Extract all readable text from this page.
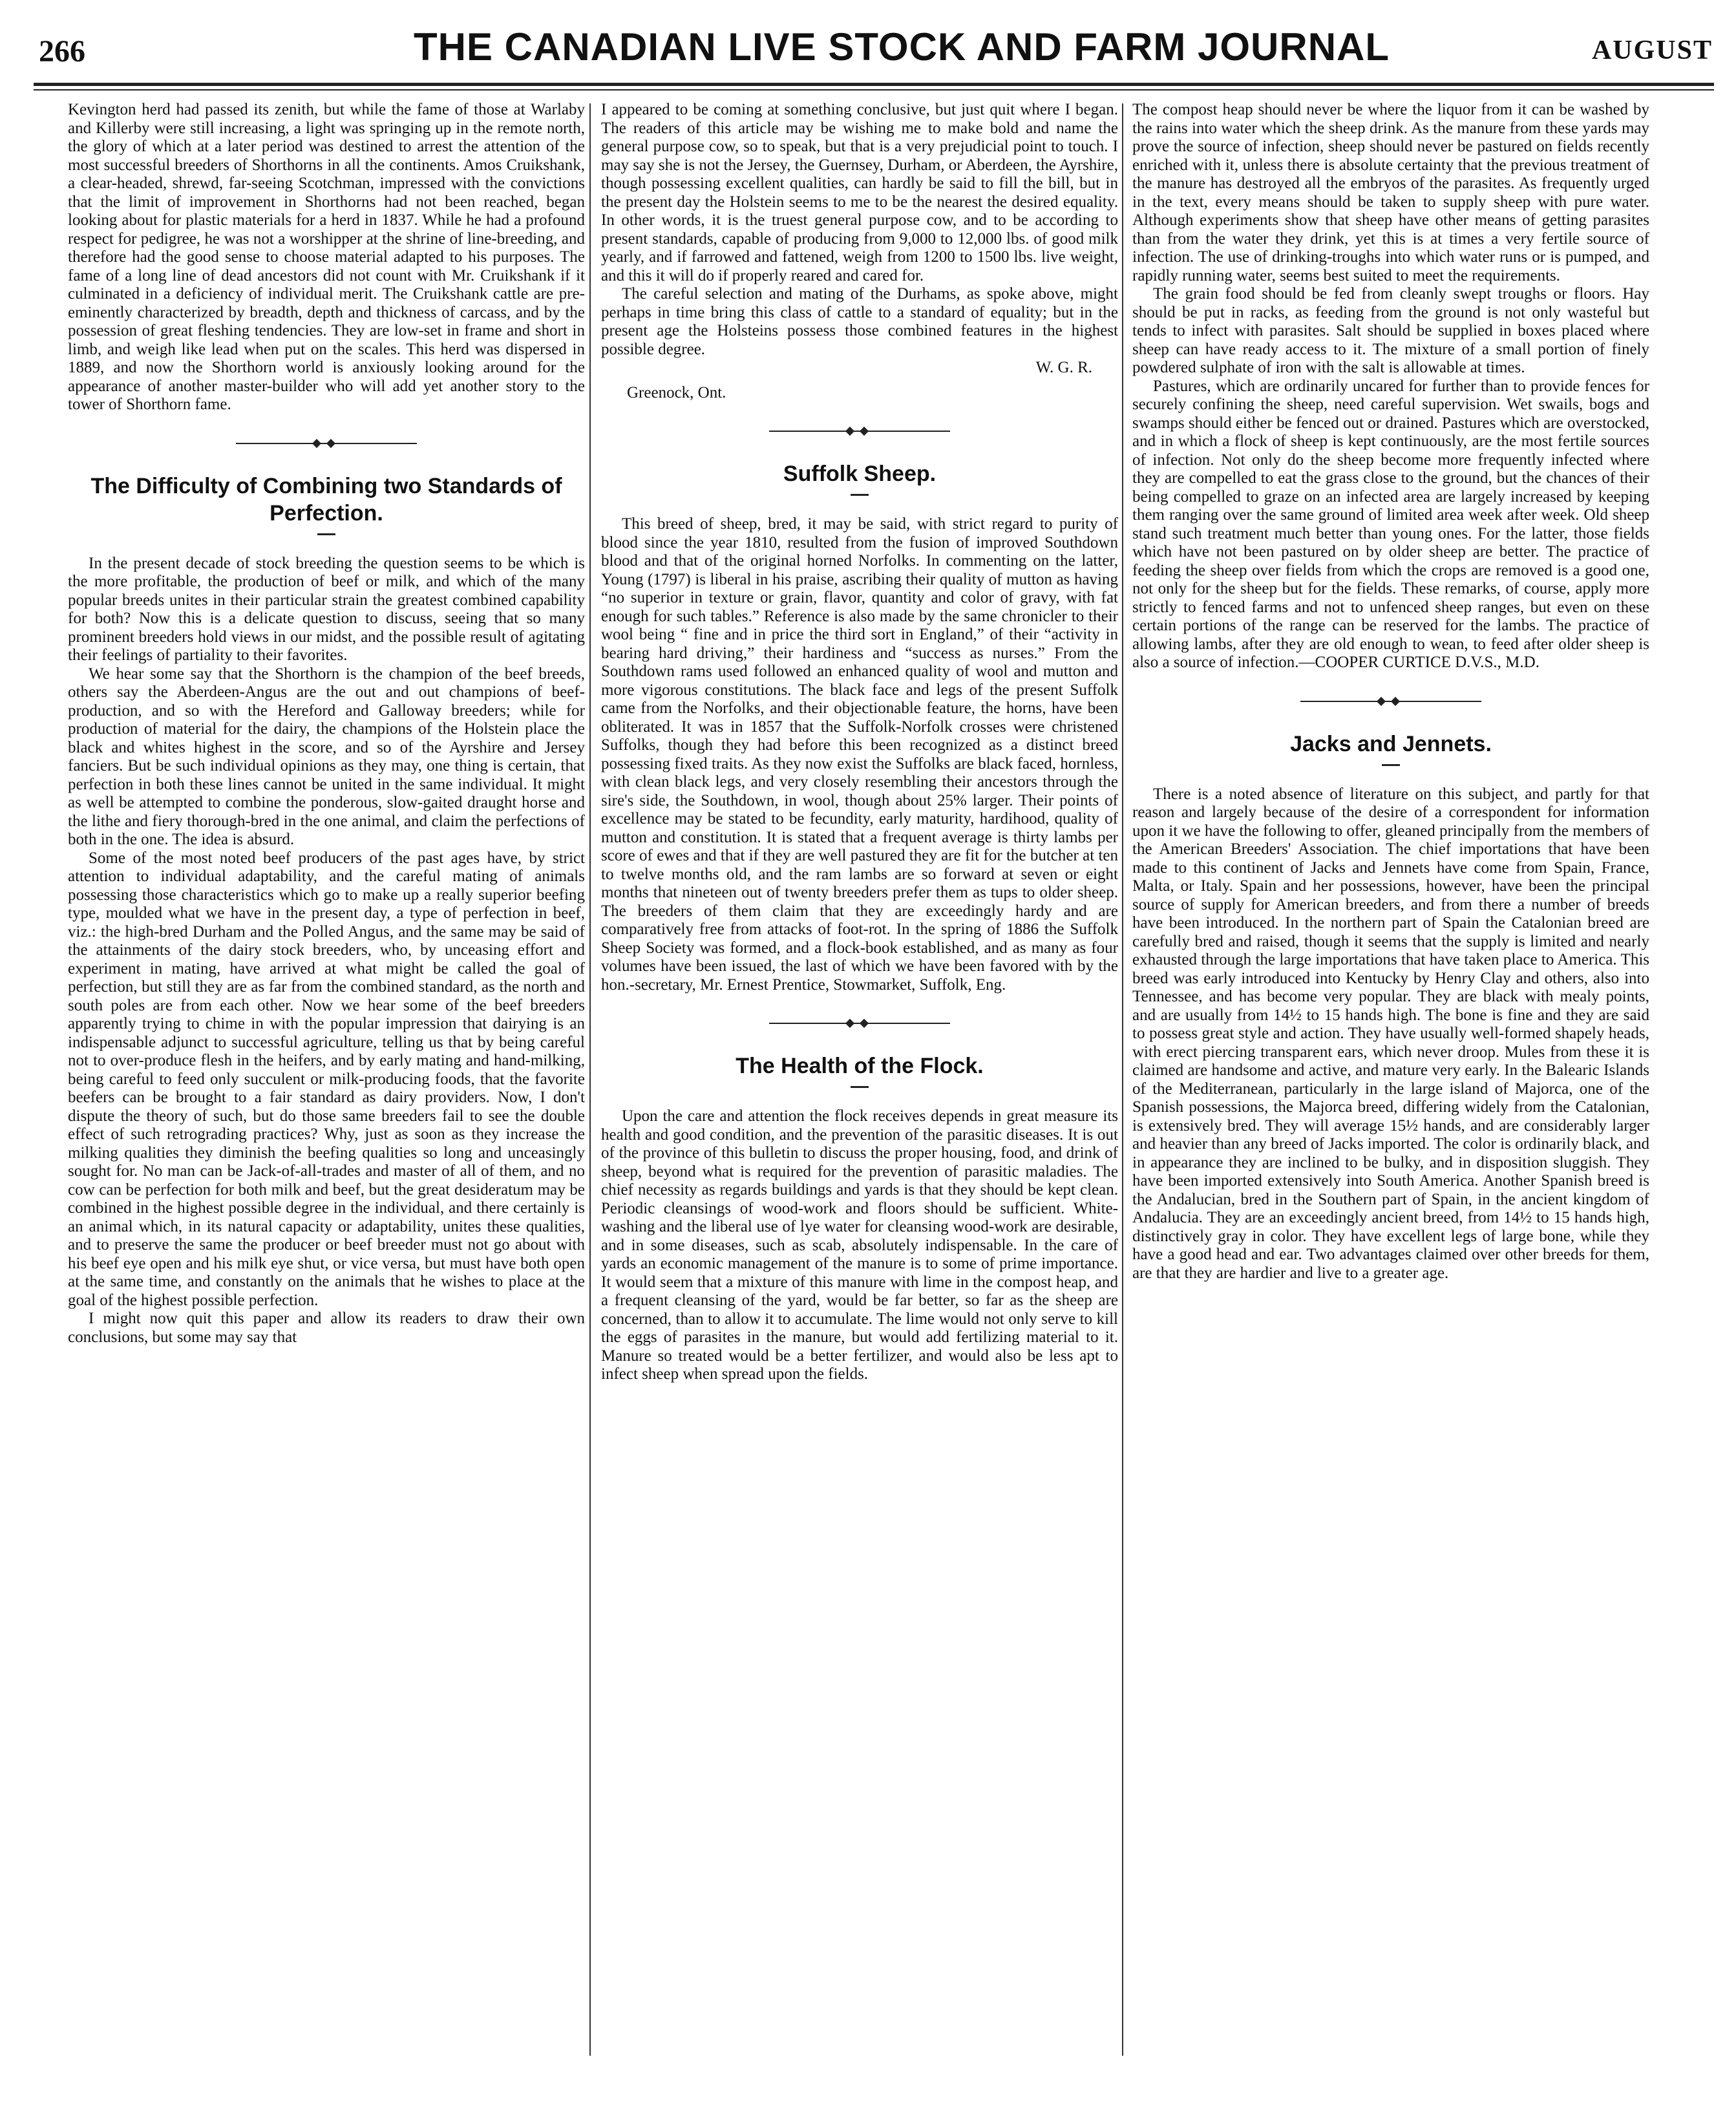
266	THE CANADIAN LIVE STOCK AND FARM JOURNAL	AUGUST

Kevington herd had passed its zenith, but while the fame of those at Warlaby and Killerby were still increasing, a light was springing up in the remote north, the glory of which at a later period was destined to arrest the attention of the most successful breeders of Shorthorns in all the continents. Amos Cruikshank, a clear-headed, shrewd, far-seeing Scotchman, impressed with the convictions that the limit of improvement in Shorthorns had not been reached, began looking about for plastic materials for a herd in 1837. While he had a profound respect for pedigree, he was not a worshipper at the shrine of line-breeding, and therefore had the good sense to choose material adapted to his purposes. The fame of a long line of dead ancestors did not count with Mr. Cruikshank if it culminated in a deficiency of individual merit. The Cruikshank cattle are pre-eminently characterized by breadth, depth and thickness of carcass, and by the possession of great fleshing tendencies. They are low-set in frame and short in limb, and weigh like lead when put on the scales. This herd was dispersed in 1889, and now the Shorthorn world is anxiously looking around for the appearance of another master-builder who will add yet another story to the tower of Shorthorn fame.

The Difficulty of Combining two Standards of Perfection.

In the present decade of stock breeding the question seems to be which is the more profitable, the production of beef or milk, and which of the many popular breeds unites in their particular strain the greatest combined capability for both? Now this is a delicate question to discuss, seeing that so many prominent breeders hold views in our midst, and the possible result of agitating their feelings of partiality to their favorites.

We hear some say that the Shorthorn is the champion of the beef breeds, others say the Aberdeen-Angus are the out and out champions of beef-production, and so with the Hereford and Galloway breeders; while for production of material for the dairy, the champions of the Holstein place the black and whites highest in the score, and so of the Ayrshire and Jersey fanciers. But be such individual opinions as they may, one thing is certain, that perfection in both these lines cannot be united in the same individual. It might as well be attempted to combine the ponderous, slow-gaited draught horse and the lithe and fiery thorough-bred in the one animal, and claim the perfections of both in the one. The idea is absurd.

Some of the most noted beef producers of the past ages have, by strict attention to individual adaptability, and the careful mating of animals possessing those characteristics which go to make up a really superior beefing type, moulded what we have in the present day, a type of perfection in beef, viz.: the high-bred Durham and the Polled Angus, and the same may be said of the attainments of the dairy stock breeders, who, by unceasing effort and experiment in mating, have arrived at what might be called the goal of perfection, but still they are as far from the combined standard, as the north and south poles are from each other. Now we hear some of the beef breeders apparently trying to chime in with the popular impression that dairying is an indispensable adjunct to successful agriculture, telling us that by being careful not to over-produce flesh in the heifers, and by early mating and hand-milking, being careful to feed only succulent or milk-producing foods, that the favorite beefers can be brought to a fair standard as dairy providers. Now, I don't dispute the theory of such, but do those same breeders fail to see the double effect of such retrograding practices? Why, just as soon as they increase the milking qualities they diminish the beefing qualities so long and unceasingly sought for. No man can be Jack-of-all-trades and master of all of them, and no cow can be perfection for both milk and beef, but the great desideratum may be combined in the highest possible degree in the individual, and there certainly is an animal which, in its natural capacity or adaptability, unites these qualities, and to preserve the same the producer or beef breeder must not go about with his beef eye open and his milk eye shut, or vice versa, but must have both open at the same time, and constantly on the animals that he wishes to place at the goal of the highest possible perfection.

I might now quit this paper and allow its readers to draw their own conclusions, but some may say that

I appeared to be coming at something conclusive, but just quit where I began. The readers of this article may be wishing me to make bold and name the general purpose cow, so to speak, but that is a very prejudicial point to touch. I may say she is not the Jersey, the Guernsey, Durham, or Aberdeen, the Ayrshire, though possessing excellent qualities, can hardly be said to fill the bill, but in the present day the Holstein seems to me to be the nearest the desired equality. In other words, it is the truest general purpose cow, and to be according to present standards, capable of producing from 9,000 to 12,000 lbs. of good milk yearly, and if farrowed and fattened, weigh from 1200 to 1500 lbs. live weight, and this it will do if properly reared and cared for.

The careful selection and mating of the Durhams, as spoke above, might perhaps in time bring this class of cattle to a standard of equality; but in the present age the Holsteins possess those combined features in the highest possible degree.

W. G. R.

Greenock, Ont.

Suffolk Sheep.

This breed of sheep, bred, it may be said, with strict regard to purity of blood since the year 1810, resulted from the fusion of improved Southdown blood and that of the original horned Norfolks. In commenting on the latter, Young (1797) is liberal in his praise, ascribing their quality of mutton as having “no superior in texture or grain, flavor, quantity and color of gravy, with fat enough for such tables.” Reference is also made by the same chronicler to their wool being “ fine and in price the third sort in England,” of their “activity in bearing hard driving,” their hardiness and “success as nurses.” From the Southdown rams used followed an enhanced quality of wool and mutton and more vigorous constitutions. The black face and legs of the present Suffolk came from the Norfolks, and their objectionable feature, the horns, have been obliterated. It was in 1857 that the Suffolk-Norfolk crosses were christened Suffolks, though they had before this been recognized as a distinct breed possessing fixed traits. As they now exist the Suffolks are black faced, hornless, with clean black legs, and very closely resembling their ancestors through the sire's side, the Southdown, in wool, though about 25% larger. Their points of excellence may be stated to be fecundity, early maturity, hardihood, quality of mutton and constitution. It is stated that a frequent average is thirty lambs per score of ewes and that if they are well pastured they are fit for the butcher at ten to twelve months old, and the ram lambs are so forward at seven or eight months that nineteen out of twenty breeders prefer them as tups to older sheep. The breeders of them claim that they are exceedingly hardy and are comparatively free from attacks of foot-rot. In the spring of 1886 the Suffolk Sheep Society was formed, and a flock-book established, and as many as four volumes have been issued, the last of which we have been favored with by the hon.-secretary, Mr. Ernest Prentice, Stowmarket, Suffolk, Eng.

The Health of the Flock.

Upon the care and attention the flock receives depends in great measure its health and good condition, and the prevention of the parasitic diseases. It is out of the province of this bulletin to discuss the proper housing, food, and drink of sheep, beyond what is required for the prevention of parasitic maladies. The chief necessity as regards buildings and yards is that they should be kept clean. Periodic cleansings of wood-work and floors should be sufficient. White-washing and the liberal use of lye water for cleansing wood-work are desirable, and in some diseases, such as scab, absolutely indispensable. In the care of yards an economic management of the manure is to some of prime importance. It would seem that a mixture of this manure with lime in the compost heap, and a frequent cleansing of the yard, would be far better, so far as the sheep are concerned, than to allow it to accumulate. The lime would not only serve to kill the eggs of parasites in the manure, but would add fertilizing material to it. Manure so treated would be a better fertilizer, and would also be less apt to infect sheep when spread upon the fields.

The compost heap should never be where the liquor from it can be washed by the rains into water which the sheep drink. As the manure from these yards may prove the source of infection, sheep should never be pastured on fields recently enriched with it, unless there is absolute certainty that the previous treatment of the manure has destroyed all the embryos of the parasites. As frequently urged in the text, every means should be taken to supply sheep with pure water. Although experiments show that sheep have other means of getting parasites than from the water they drink, yet this is at times a very fertile source of infection. The use of drinking-troughs into which water runs or is pumped, and rapidly running water, seems best suited to meet the requirements.

The grain food should be fed from cleanly swept troughs or floors. Hay should be put in racks, as feeding from the ground is not only wasteful but tends to infect with parasites. Salt should be supplied in boxes placed where sheep can have ready access to it. The mixture of a small portion of finely powdered sulphate of iron with the salt is allowable at times.

Pastures, which are ordinarily uncared for further than to provide fences for securely confining the sheep, need careful supervision. Wet swails, bogs and swamps should either be fenced out or drained. Pastures which are overstocked, and in which a flock of sheep is kept continuously, are the most fertile sources of infection. Not only do the sheep become more frequently infected where they are compelled to eat the grass close to the ground, but the chances of their being compelled to graze on an infected area are largely increased by keeping them ranging over the same ground of limited area week after week. Old sheep stand such treatment much better than young ones. For the latter, those fields which have not been pastured on by older sheep are better. The practice of feeding the sheep over fields from which the crops are removed is a good one, not only for the sheep but for the fields. These remarks, of course, apply more strictly to fenced farms and not to unfenced sheep ranges, but even on these certain portions of the range can be reserved for the lambs. The practice of allowing lambs, after they are old enough to wean, to feed after older sheep is also a source of infection.—COOPER CURTICE D.V.S., M.D.

Jacks and Jennets.

There is a noted absence of literature on this subject, and partly for that reason and largely because of the desire of a correspondent for information upon it we have the following to offer, gleaned principally from the members of the American Breeders' Association. The chief importations that have been made to this continent of Jacks and Jennets have come from Spain, France, Malta, or Italy. Spain and her possessions, however, have been the principal source of supply for American breeders, and from there a number of breeds have been introduced. In the northern part of Spain the Catalonian breed are carefully bred and raised, though it seems that the supply is limited and nearly exhausted through the large importations that have taken place to America. This breed was early introduced into Kentucky by Henry Clay and others, also into Tennessee, and has become very popular. They are black with mealy points, and are usually from 14½ to 15 hands high. The bone is fine and they are said to possess great style and action. They have usually well-formed shapely heads, with erect piercing transparent ears, which never droop. Mules from these it is claimed are handsome and active, and mature very early. In the Balearic Islands of the Mediterranean, particularly in the large island of Majorca, one of the Spanish possessions, the Majorca breed, differing widely from the Catalonian, is extensively bred. They will average 15½ hands, and are considerably larger and heavier than any breed of Jacks imported. The color is ordinarily black, and in appearance they are inclined to be bulky, and in disposition sluggish. They have been imported extensively into South America. Another Spanish breed is the Andalucian, bred in the Southern part of Spain, in the ancient kingdom of Andalucia. They are an exceedingly ancient breed, from 14½ to 15 hands high, distinctively gray in color. They have excellent legs of large bone, while they have a good head and ear. Two advantages claimed over other breeds for them, are that they are hardier and live to a greater age.
